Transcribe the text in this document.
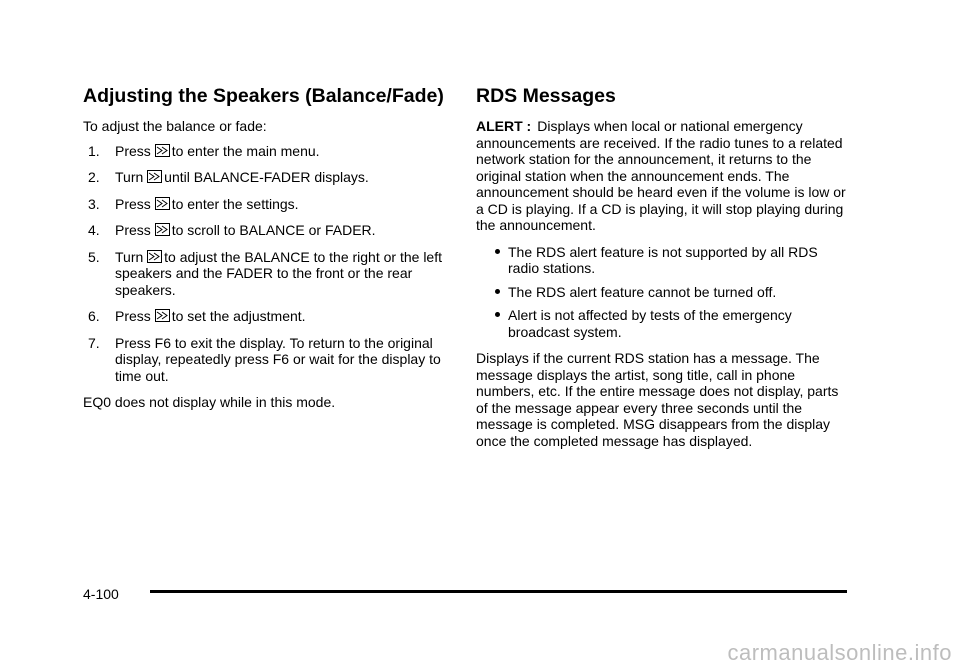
Adjusting the Speakers (Balance/Fade)

To adjust the balance or fade:

1. Press to enter the main menu.
2. Turn until BALANCE-FADER displays.
3. Press to enter the settings.
4. Press to scroll to BALANCE or FADER.
5. Turn to adjust the BALANCE to the right or the left speakers and the FADER to the front or the rear speakers.
6. Press to set the adjustment.
7. Press F6 to exit the display. To return to the original display, repeatedly press F6 or wait for the display to time out.

EQ0 does not display while in this mode.

RDS Messages

ALERT : Displays when local or national emergency announcements are received. If the radio tunes to a related network station for the announcement, it returns to the original station when the announcement ends. The announcement should be heard even if the volume is low or a CD is playing. If a CD is playing, it will stop playing during the announcement.

The RDS alert feature is not supported by all RDS radio stations.
The RDS alert feature cannot be turned off.
Alert is not affected by tests of the emergency broadcast system.

Displays if the current RDS station has a message. The message displays the artist, song title, call in phone numbers, etc. If the entire message does not display, parts of the message appear every three seconds until the message is completed. MSG disappears from the display once the completed message has displayed.

4-100
carmanualsonline.info
